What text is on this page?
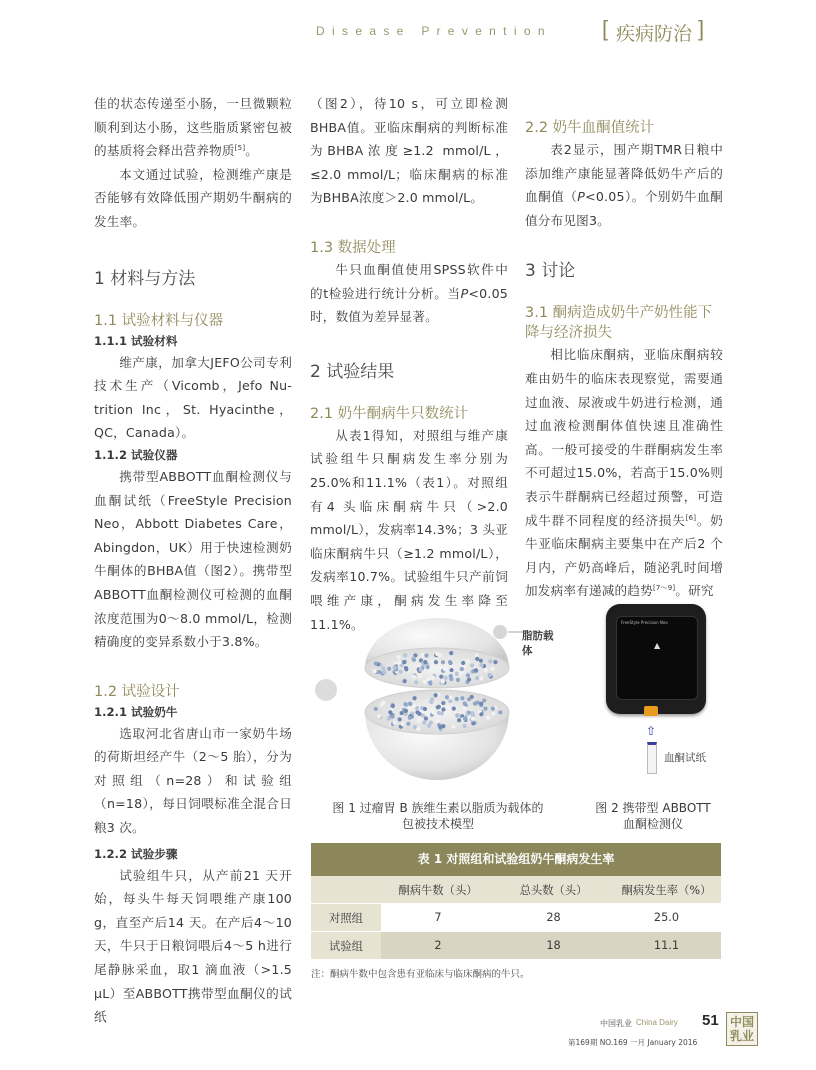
D i s e a s e   P r e v e n t i o n	[ 疾病防治 ]

佳的状态传递至小肠，一旦微颗粒顺利到达小肠，这些脂质紧密包被的基质将会释出营养物质[5]。

本文通过试验，检测维产康是否能够有效降低围产期奶牛酮病的发生率。

1 材料与方法

1.1 试验材料与仪器

1.1.1 试验材料

维产康，加拿大JEFO公司专利技术生产（Vicomb，Jefo Nu-trition Inc，St. Hyacinthe，QC，Canada）。

1.1.2 试验仪器

携带型ABBOTT血酮检测仪与血酮试纸（FreeStyle Precision Neo，Abbott Diabetes Care，Abingdon，UK）用于快速检测奶牛酮体的BHBA值（图2）。携带型ABBOTT血酮检测仪可检测的血酮浓度范围为0～8.0 mmol/L，检测精确度的变异系数小于3.8%。

1.2 试验设计

1.2.1 试验奶牛

选取河北省唐山市一家奶牛场的荷斯坦经产牛（2～5 胎），分为对照组（n=28）和试验组（n=18），每日饲喂标准全混合日粮3 次。

1.2.2 试验步骤

试验组牛只，从产前21 天开始，每头牛每天饲喂维产康100 g，直至产后14 天。在产后4～10 天，牛只于日粮饲喂后4～5 h进行尾静脉采血，取1 滴血液（>1.5 μL）至ABBOTT携带型血酮仪的试纸

（图2），待10 s，可立即检测BHBA值。亚临床酮病的判断标准为BHBA浓度≥1.2 mmol/L，≤2.0 mmol/L；临床酮病的标准为BHBA浓度＞2.0 mmol/L。

1.3 数据处理

牛只血酮值使用SPSS软件中的t检验进行统计分析。当P<0.05时，数值为差异显著。

2 试验结果

2.1 奶牛酮病牛只数统计

从表1得知，对照组与维产康试验组牛只酮病发生率分别为25.0%和11.1%（表1）。对照组有4 头临床酮病牛只（>2.0 mmol/L），发病率14.3%；3 头亚临床酮病牛只（≥1.2 mmol/L），发病率10.7%。试验组牛只产前饲喂维产康，酮病发生率降至11.1%。

2.2 奶牛血酮值统计

表2显示，围产期TMR日粮中添加维产康能显著降低奶牛产后的血酮值（P<0.05）。个别奶牛血酮值分布见图3。

3 讨论

3.1 酮病造成奶牛产奶性能下降与经济损失

相比临床酮病，亚临床酮病较难由奶牛的临床表现察觉，需要通过血液、尿液或牛奶进行检测，通过血液检测酮体值快速且准确性高。一般可接受的牛群酮病发生率不可超过15.0%，若高于15.0%则表示牛群酮病已经超过预警，可造成牛群不同程度的经济损失[6]。奶牛亚临床酮病主要集中在产后2 个月内，产奶高峰后，随泌乳时间增加发病率有递减的趋势[7～9]。研究

脂肪载体
图 1 过瘤胃 B 族维生素以脂质为载体的
包被技术模型
FreeStyle Precision Neo
▲
⇧
血酮试纸
图 2 携带型 ABBOTT
血酮检测仪
表 1 对照组和试验组奶牛酮病发生率
	酮病牛数（头）	总头数（头）	酮病发生率（%）
对照组	7	28	25.0
试验组	2	18	11.1
注：酮病牛数中包含患有亚临床与临床酮病的牛只。
中国乳业 China Dairy 51
第169期 NO.169 一月 January 2016
中国乳业
